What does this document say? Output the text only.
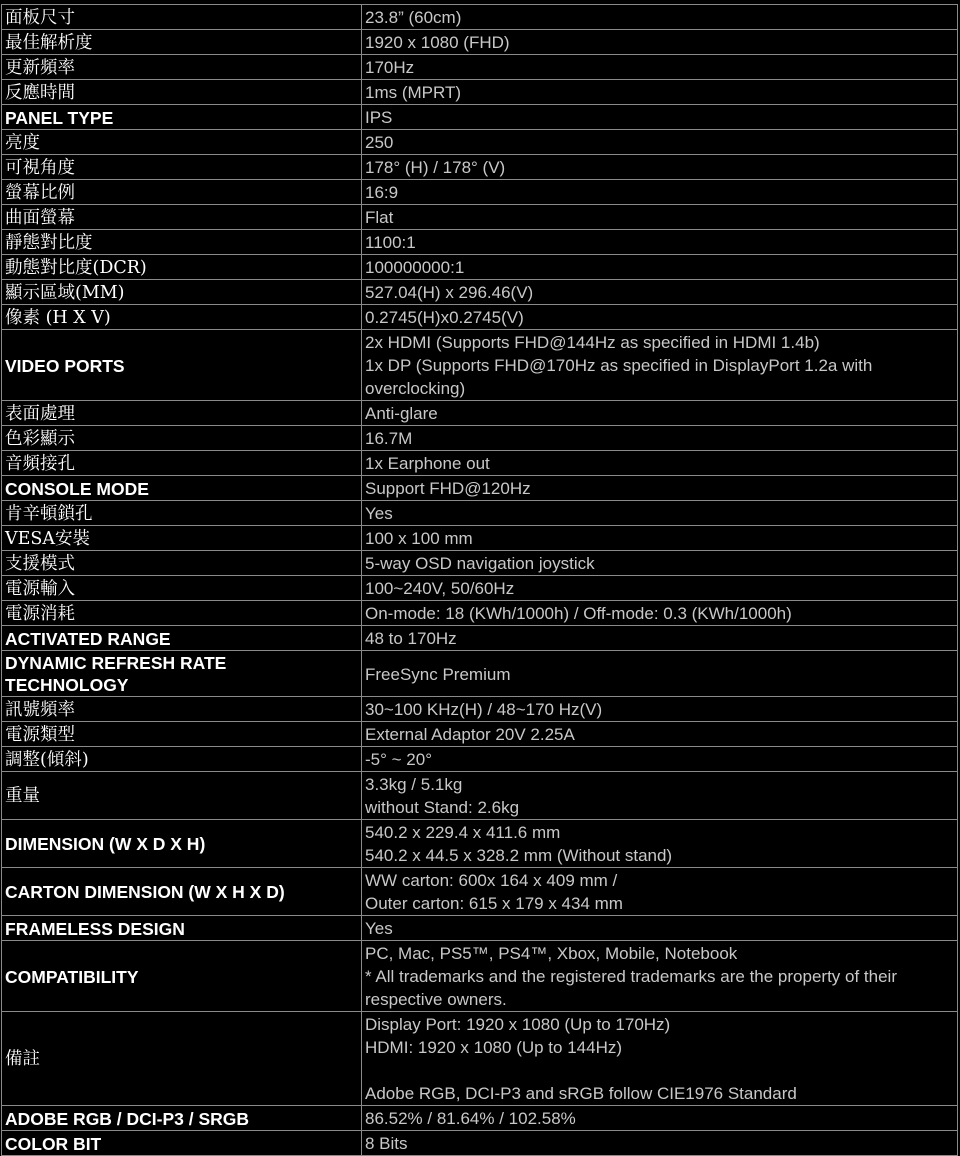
面板尺寸	23.8” (60cm)
最佳解析度	1920 x 1080 (FHD)
更新頻率	170Hz
反應時間	1ms (MPRT)
PANEL TYPE	IPS
亮度	250
可視角度	178° (H) / 178° (V)
螢幕比例	16:9
曲面螢幕	Flat
靜態對比度	1100:1
動態對比度(DCR)	100000000:1
顯示區域(MM)	527.04(H) x 296.46(V)
像素 (H X V)	0.2745(H)x0.2745(V)
VIDEO PORTS	2x HDMI (Supports FHD@144Hz as specified in HDMI 1.4b)
1x DP (Supports FHD@170Hz as specified in DisplayPort 1.2a with
overclocking)
表面處理	Anti-glare
色彩顯示	16.7M
音頻接孔	1x Earphone out
CONSOLE MODE	Support FHD@120Hz
肯辛頓鎖孔	Yes
VESA安裝	100 x 100 mm
支援模式	5-way OSD navigation joystick
電源輸入	100~240V, 50/60Hz
電源消耗	On-mode: 18 (KWh/1000h) / Off-mode: 0.3 (KWh/1000h)
ACTIVATED RANGE	48 to 170Hz
DYNAMIC REFRESH RATE
TECHNOLOGY	FreeSync Premium
訊號頻率	30~100 KHz(H) / 48~170 Hz(V)
電源類型	External Adaptor 20V 2.25A
調整(傾斜)	-5° ~ 20°
重量	3.3kg / 5.1kg
without Stand: 2.6kg
DIMENSION (W X D X H)	540.2 x 229.4 x 411.6 mm
540.2 x 44.5 x 328.2 mm (Without stand)
CARTON DIMENSION (W X H X D)	WW carton: 600x 164 x 409 mm /
Outer carton: 615 x 179 x 434 mm
FRAMELESS DESIGN	Yes
COMPATIBILITY	PC, Mac, PS5™, PS4™, Xbox, Mobile, Notebook
* All trademarks and the registered trademarks are the property of their
respective owners.
備註	Display Port: 1920 x 1080 (Up to 170Hz)
HDMI: 1920 x 1080 (Up to 144Hz)

Adobe RGB, DCI-P3 and sRGB follow CIE1976 Standard
ADOBE RGB / DCI-P3 / SRGB	86.52% / 81.64% / 102.58%
COLOR BIT	8 Bits
